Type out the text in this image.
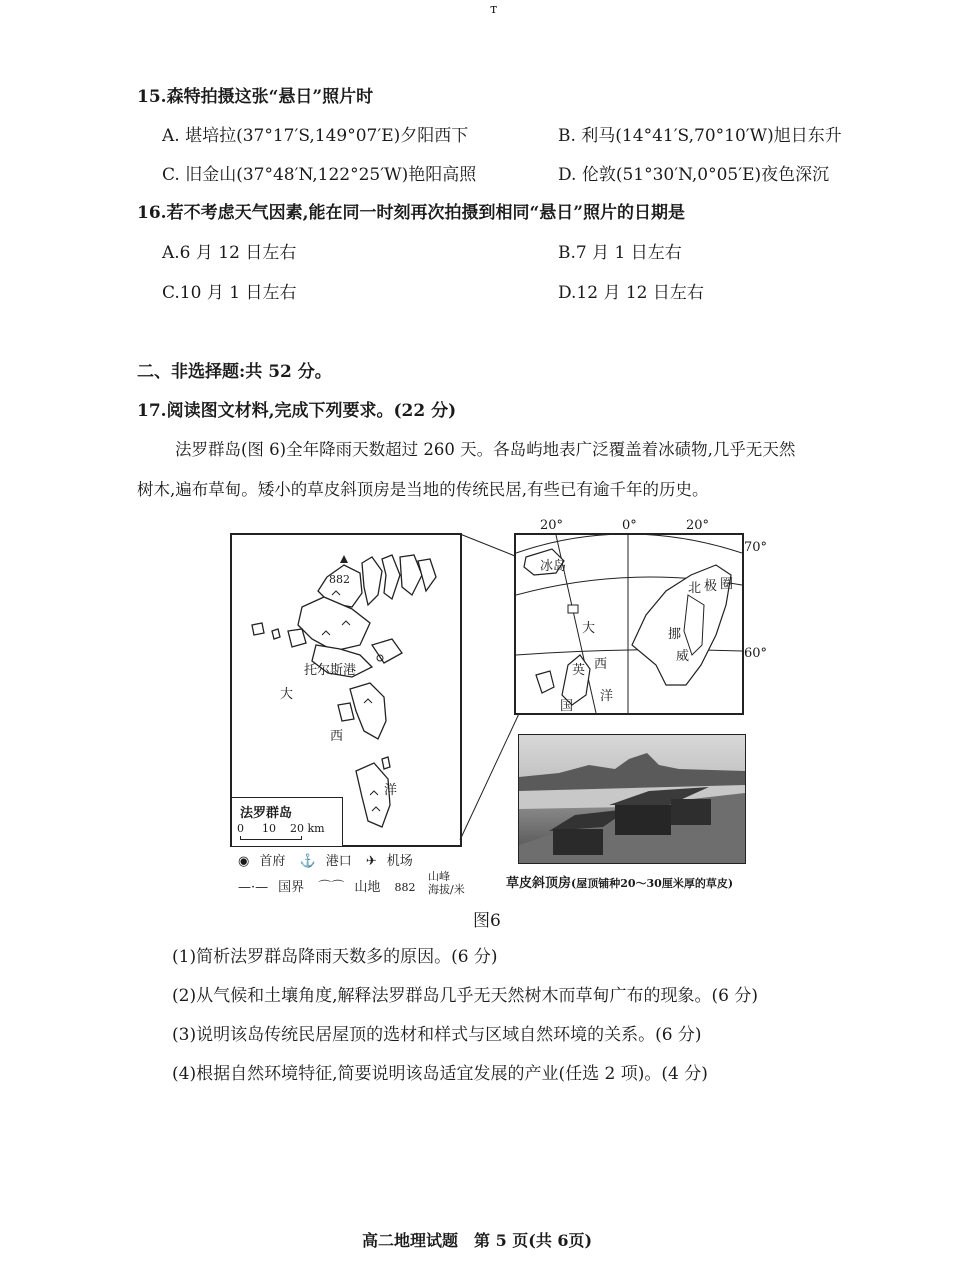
т
15.森特拍摄这张“悬日”照片时
A. 堪培拉(37°17′S,149°07′E)夕阳西下	B. 利马(14°41′S,70°10′W)旭日东升
C. 旧金山(37°48′N,122°25′W)艳阳高照	D. 伦敦(51°30′N,0°05′E)夜色深沉
16.若不考虑天气因素,能在同一时刻再次拍摄到相同“悬日”照片的日期是
A.6 月 12 日左右	B.7 月 1 日左右
C.10 月 1 日左右	D.12 月 12 日左右
二、非选择题:共 52 分。
17.阅读图文材料,完成下列要求。(22 分)
法罗群岛(图 6)全年降雨天数超过 260 天。各岛屿地表广泛覆盖着冰碛物,几乎无天然
树木,遍布草甸。矮小的草皮斜顶房是当地的传统民居,有些已有逾千年的历史。
882
托尔斯港
大
西
洋
法罗群岛
0 10 20 km
◉ 首府 ⚓ 港口 ✈ 机场
—·— 国界 ⌒⌒ 山地 882
山峰
海拔/米
冰岛
北 极 圈
挪
威
大
西
洋
英
国
20°	0°	20°
70°
60°
草皮斜顶房(屋顶铺种20～30厘米厚的草皮)
图6
(1)简析法罗群岛降雨天数多的原因。(6 分)
(2)从气候和土壤角度,解释法罗群岛几乎无天然树木而草甸广布的现象。(6 分)
(3)说明该岛传统民居屋顶的选材和样式与区域自然环境的关系。(6 分)
(4)根据自然环境特征,简要说明该岛适宜发展的产业(任选 2 项)。(4 分)
高二地理试题　第 5 页(共 6页)
